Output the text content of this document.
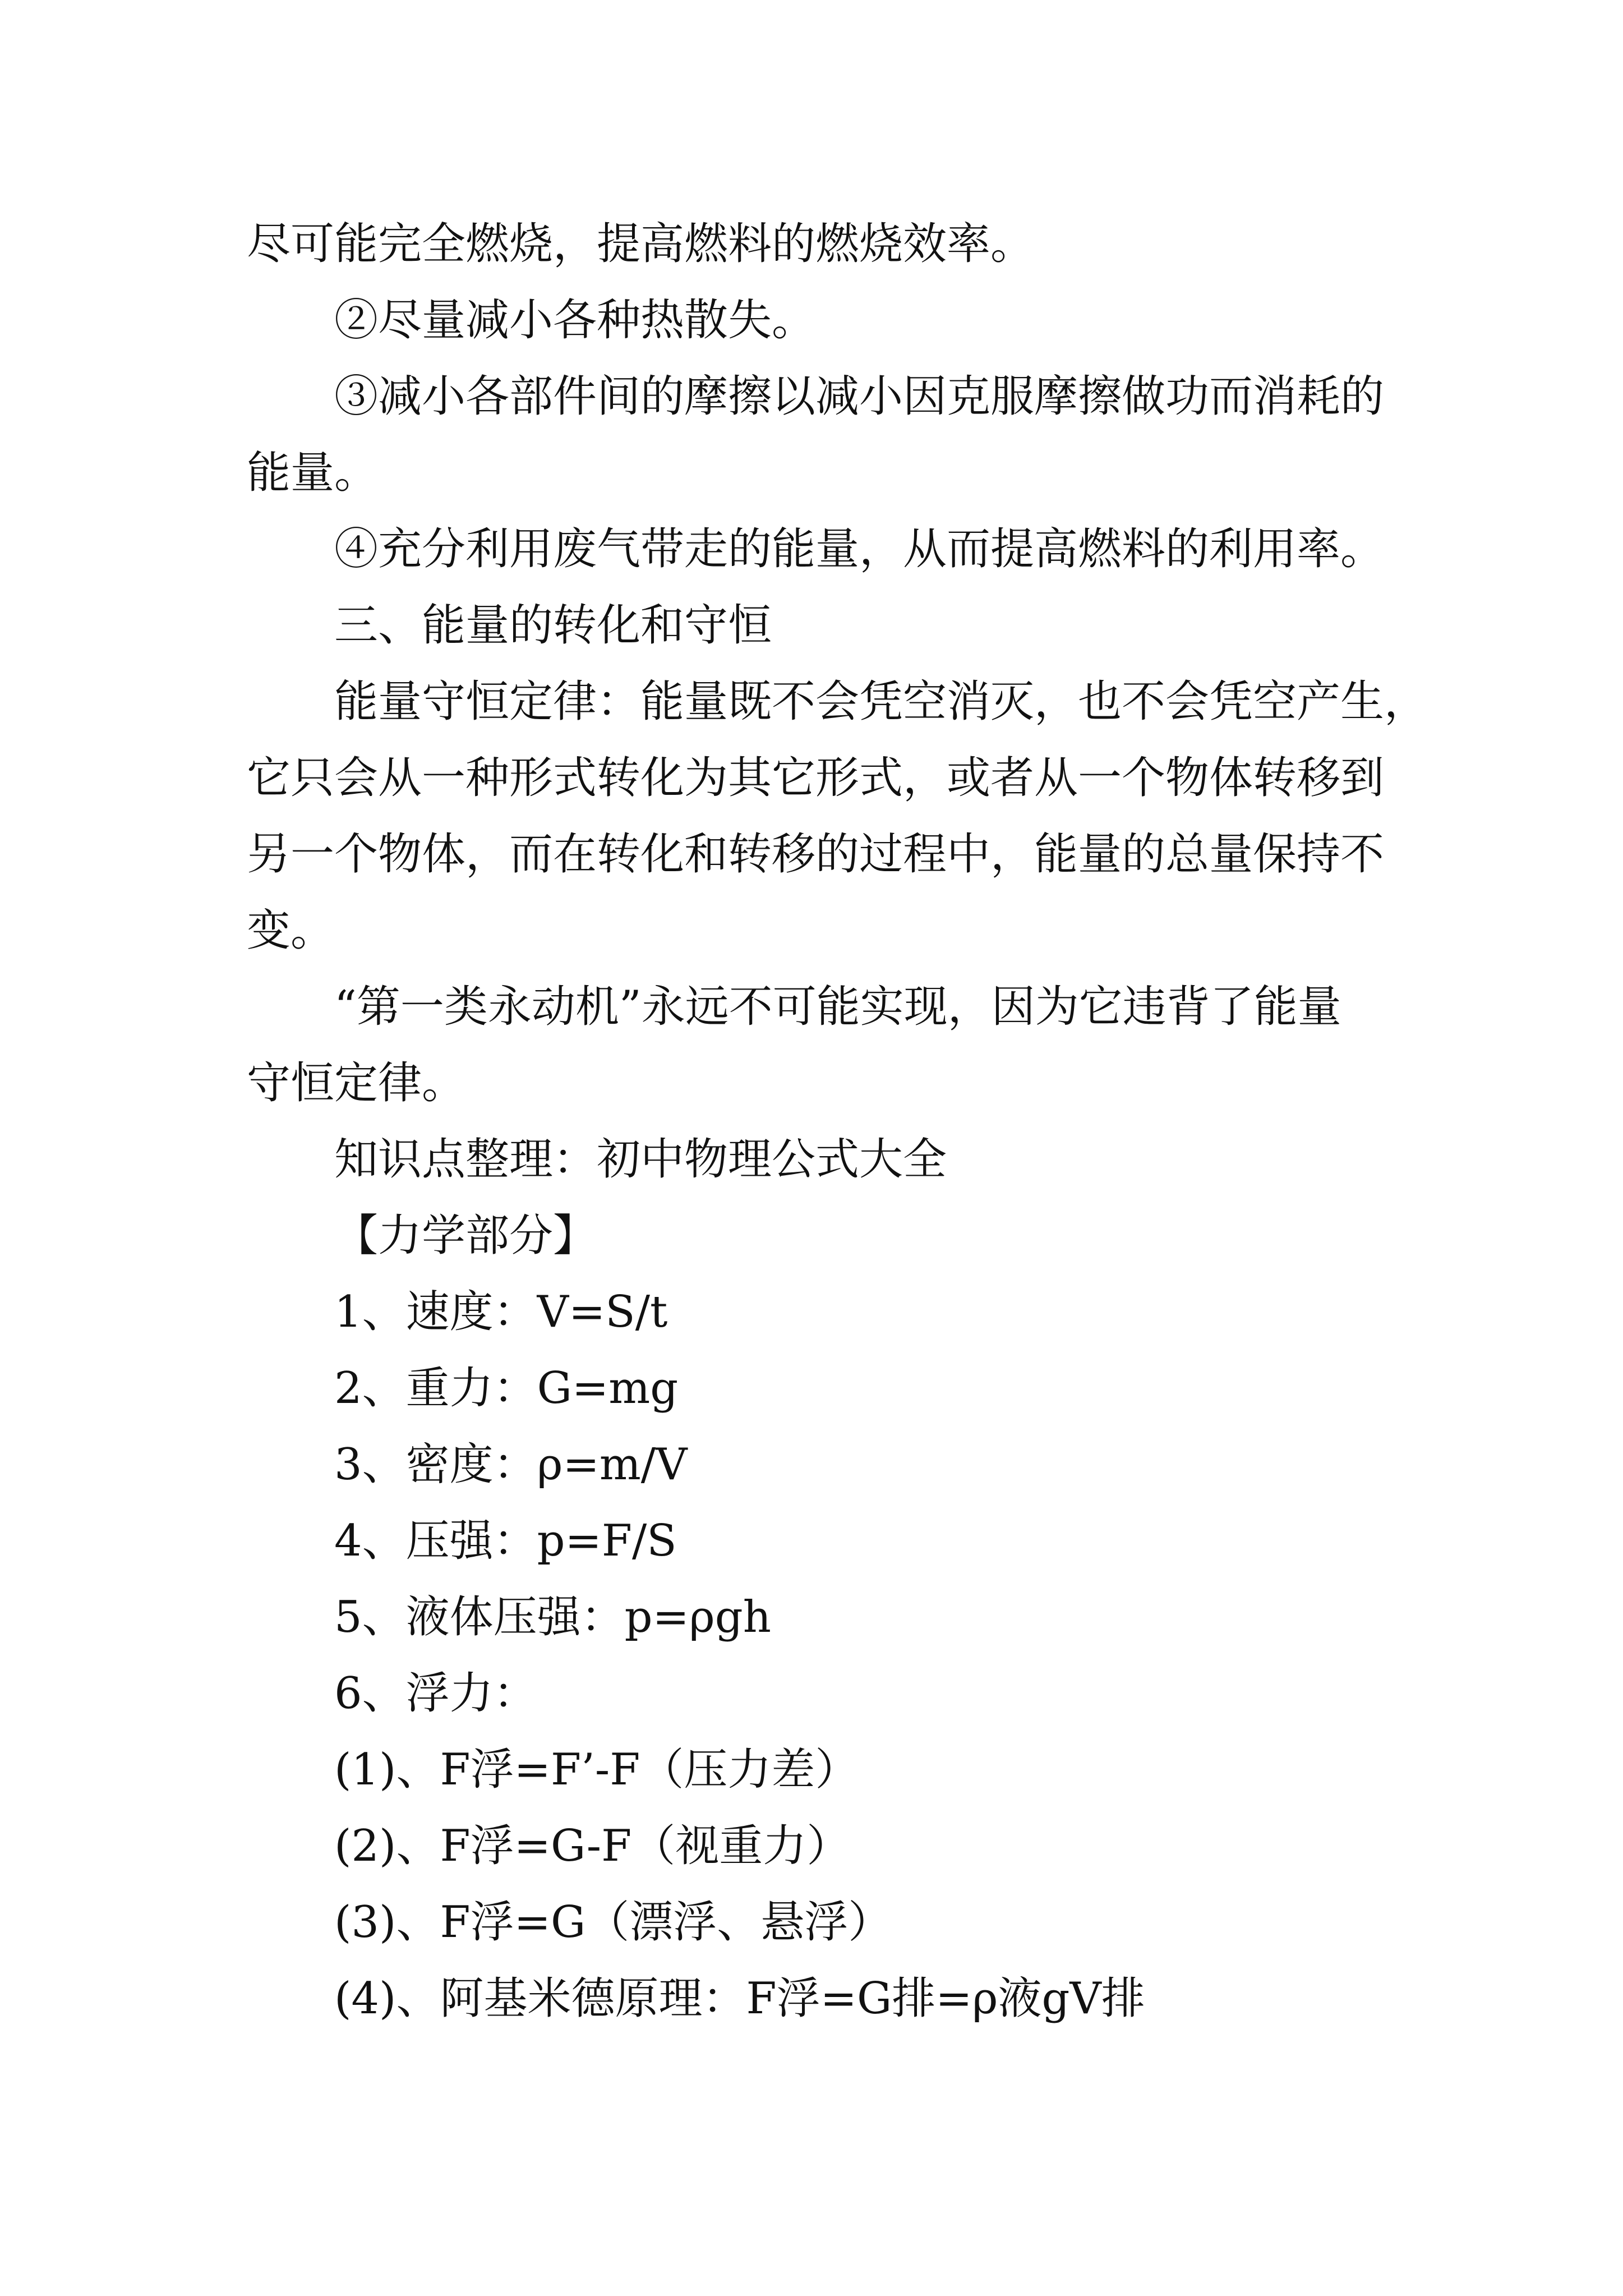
尽可能完全燃烧，提高燃料的燃烧效率。
②尽量减小各种热散失。
③减小各部件间的摩擦以减小因克服摩擦做功而消耗的
能量。
④充分利用废气带走的能量，从而提高燃料的利用率。
三、能量的转化和守恒
能量守恒定律：能量既不会凭空消灭，也不会凭空产生，
它只会从一种形式转化为其它形式，或者从一个物体转移到
另一个物体，而在转化和转移的过程中，能量的总量保持不
变。
“第一类永动机”永远不可能实现，因为它违背了能量
守恒定律。
知识点整理：初中物理公式大全
【力学部分】
1、速度：V=S/t
2、重力：G=mg
3、密度：ρ=m/V
4、压强：p=F/S
5、液体压强：p=ρgh
6、浮力：
(1)、F浮=F’-F（压力差）
(2)、F浮=G-F（视重力）
(3)、F浮=G（漂浮、悬浮）
(4)、阿基米德原理：F浮=G排=ρ液gV排
